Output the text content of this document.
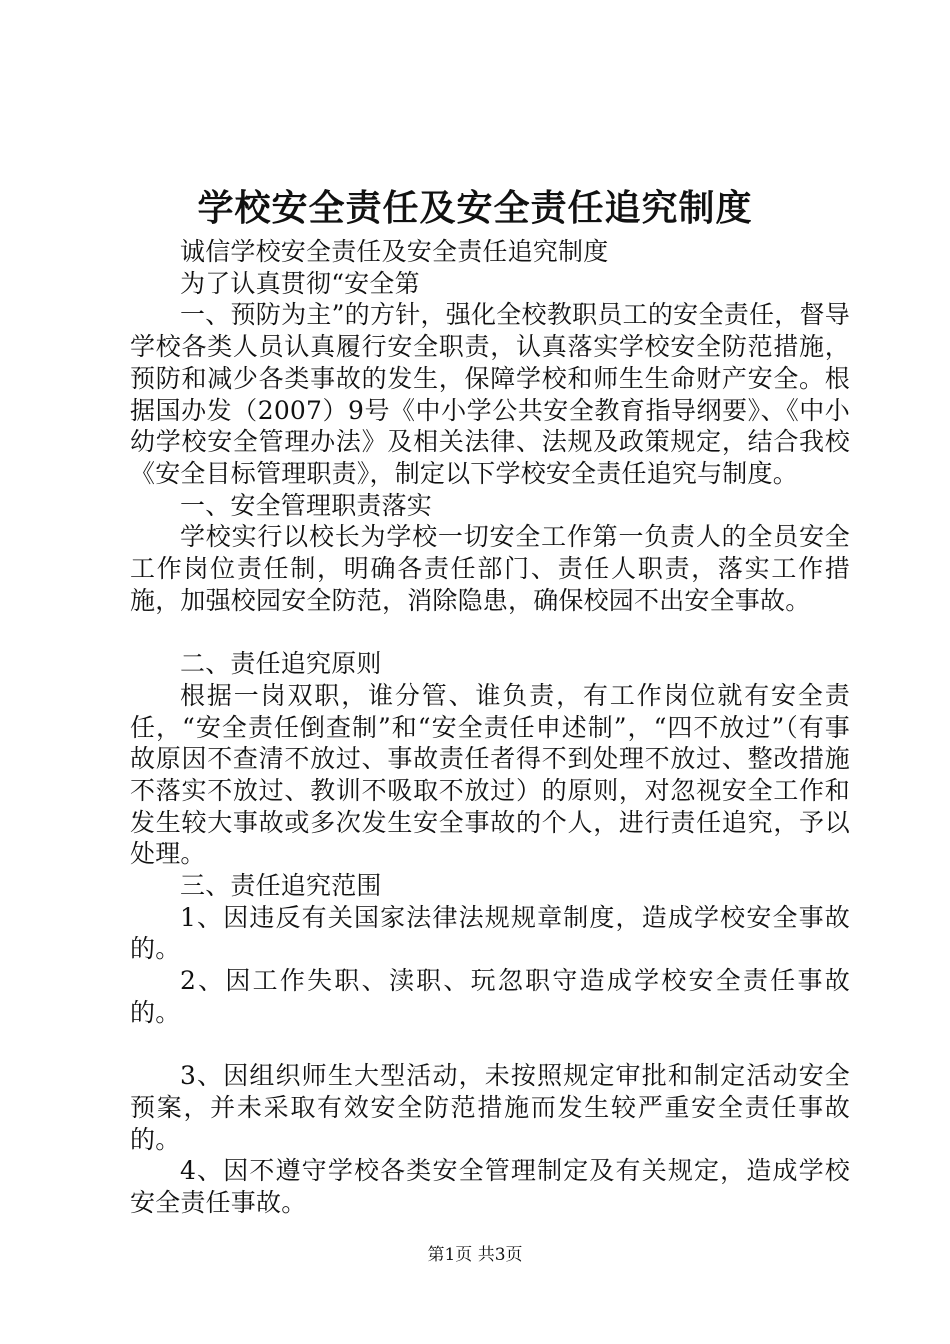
学校安全责任及安全责任追究制度

诚信学校安全责任及安全责任追究制度

为了认真贯彻“安全第

一、预防为主”的方针，强化全校教职员工的安全责任，督导学校各类人员认真履行安全职责，认真落实学校安全防范措施，预防和减少各类事故的发生，保障学校和师生生命财产安全。根据国办发（2007）9号《中小学公共安全教育指导纲要》、《中小幼学校安全管理办法》及相关法律、法规及政策规定，结合我校《安全目标管理职责》，制定以下学校安全责任追究与制度。

一、安全管理职责落实

学校实行以校长为学校一切安全工作第一负责人的全员安全工作岗位责任制，明确各责任部门、责任人职责，落实工作措施，加强校园安全防范，消除隐患，确保校园不出安全事故。

二、责任追究原则

根据一岗双职，谁分管、谁负责，有工作岗位就有安全责任，“安全责任倒查制”和“安全责任申述制”，“四不放过”（有事故原因不查清不放过、事故责任者得不到处理不放过、整改措施不落实不放过、教训不吸取不放过）的原则，对忽视安全工作和发生较大事故或多次发生安全事故的个人，进行责任追究，予以处理。

三、责任追究范围

1、因违反有关国家法律法规规章制度，造成学校安全事故的。

2、因工作失职、渎职、玩忽职守造成学校安全责任事故的。

3、因组织师生大型活动，未按照规定审批和制定活动安全预案，并未采取有效安全防范措施而发生较严重安全责任事故的。

4、因不遵守学校各类安全管理制定及有关规定，造成学校安全责任事故。

第1页 共3页
